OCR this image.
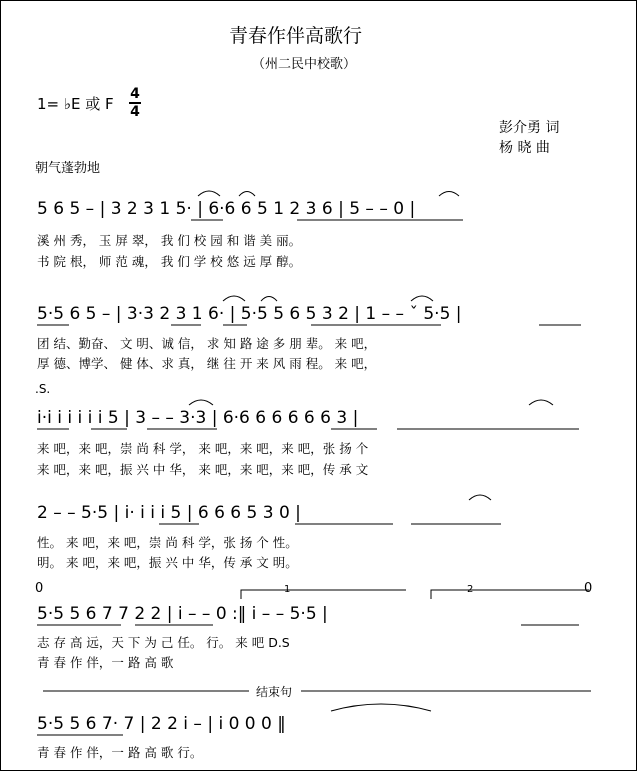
青春作伴高歌行
（州二民中校歌）
1= ♭E 或 F
4
4
彭介勇 词
杨 晓 曲
朝气蓬勃地
5 6 5 – | 3 2 3 1 5· | 6·6 6 5 1 2 3 6 | 5 – – 0 |
溪 州 秀， 玉 屏 翠， 我 们 校 园 和 谐 美 丽。
书 院 根， 师 范 魂， 我 们 学 校 悠 远 厚 醇。
5·5 6 5 – | 3·3 2 3 1 6· | 5·5 5 6 5 3 2 | 1 – – ˇ 5·5 |
团 结、勤奋、 文 明、诚 信， 求 知 路 途 多 朋 辈。 来 吧，
厚 德、博学、 健 体、求 真， 继 往 开 来 风 雨 程。 来 吧，
.S.
i·i i i i i i 5 | 3 – – 3·3 | 6·6 6 6 6 6 6 3 |
来 吧，来 吧，崇 尚 科 学， 来 吧，来 吧，来 吧，张 扬 个
来 吧，来 吧，振 兴 中 华， 来 吧，来 吧，来 吧，传 承 文
2 – – 5·5 | i· i i i 5 | 6 6 6 5 3 0 |
性。 来 吧，来 吧，崇 尚 科 学，张 扬 个 性。
明。 来 吧，来 吧，振 兴 中 华，传 承 文 明。
0	0
1	2
5·5 5 6 7 7 2 2 | i – – 0 :‖ i – – 5·5 |
志 存 高 远，天 下 为 己 任。 行。 来 吧 D.S
青 春 作 伴，一 路 高 歌
结束句
5·5 5 6 7· 7 | 2 2 i – | i 0 0 0 ‖
青 春 作 伴，一 路 高 歌 行。
